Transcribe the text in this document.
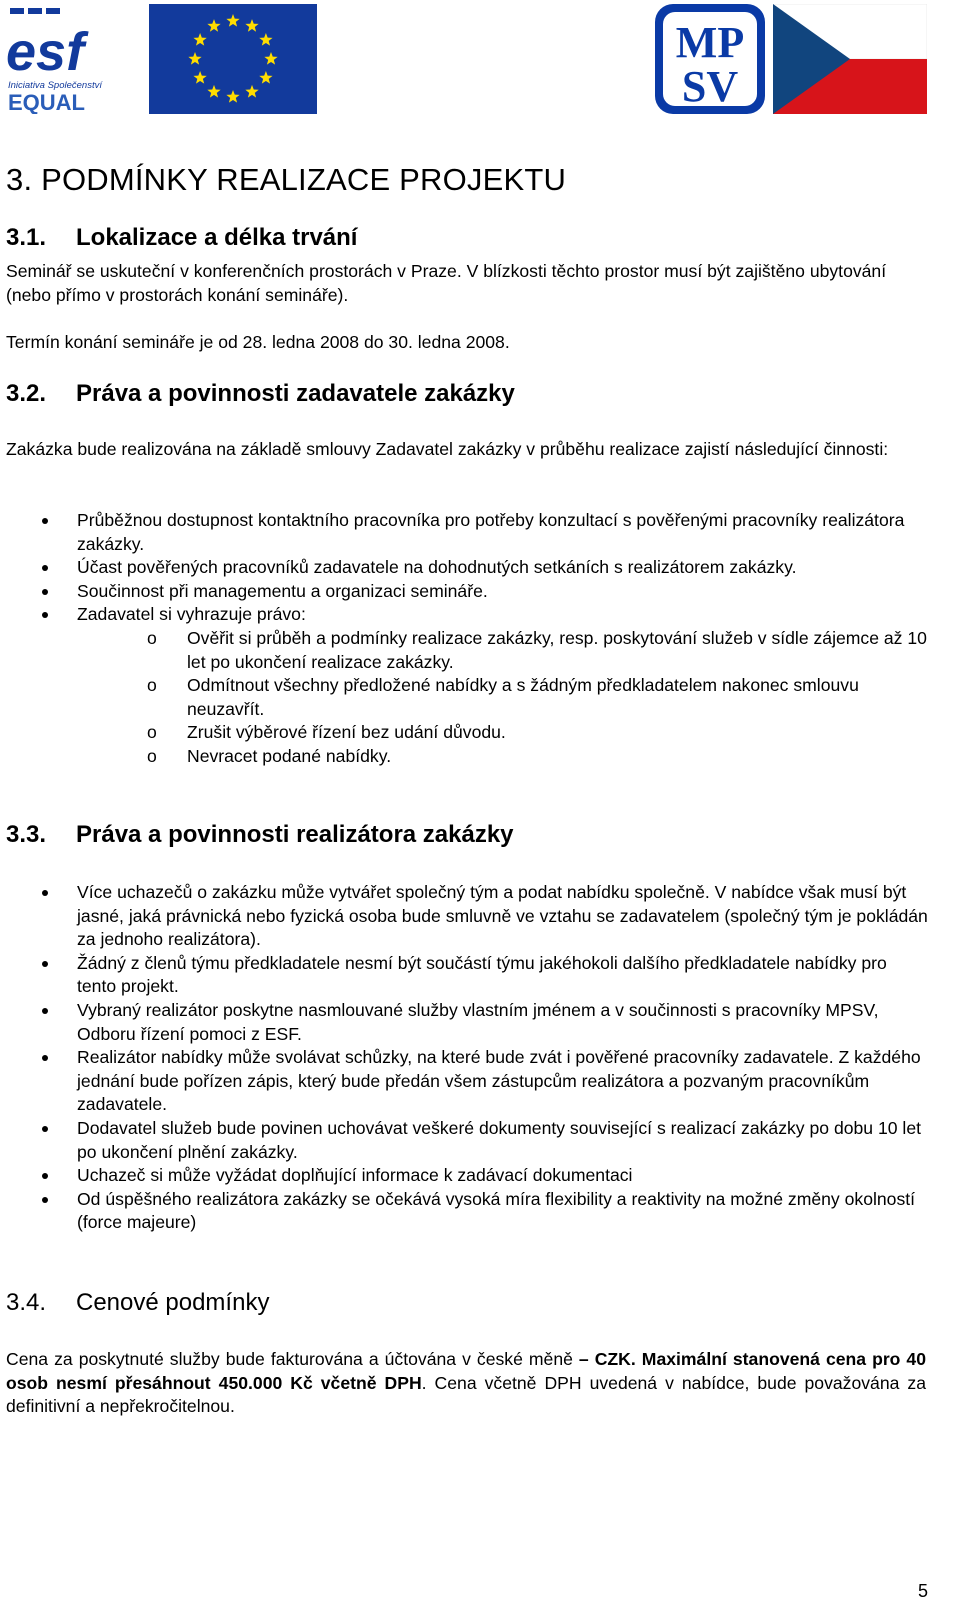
esf
Iniciativa Společenství
EQUAL
MP
SV
3. PODMÍNKY REALIZACE PROJEKTU
3.1. Lokalizace a délka trvání

Seminář se uskuteční v konferenčních prostorách v Praze. V blízkosti těchto prostor musí být zajištěno ubytování (nebo přímo v prostorách konání semináře).

Termín konání semináře je od 28. ledna 2008 do 30. ledna 2008.

3.2. Práva a povinnosti zadavatele zakázky

Zakázka bude realizována na základě smlouvy Zadavatel zakázky v průběhu realizace zajistí následující činnosti:

Průběžnou dostupnost kontaktního pracovníka pro potřeby konzultací s pověřenými pracovníky realizátora zakázky.
Účast pověřených pracovníků zadavatele na dohodnutých setkáních s realizátorem zakázky.
Součinnost při managementu a organizaci semináře.
Zadavatel si vyhrazuje právo:
o Ověřit si průběh a podmínky realizace zakázky, resp. poskytování služeb v sídle zájemce až 10 let po ukončení realizace zakázky.
o Odmítnout všechny předložené nabídky a s žádným předkladatelem nakonec smlouvu neuzavřít.
o Zrušit výběrové řízení bez udání důvodu.
o Nevracet podané nabídky.
3.3. Práva a povinnosti realizátora zakázky
Více uchazečů o zakázku může vytvářet společný tým a podat nabídku společně. V nabídce však musí být jasné, jaká právnická nebo fyzická osoba bude smluvně ve vztahu se zadavatelem (společný tým je pokládán za jednoho realizátora).
Žádný z členů týmu předkladatele nesmí být součástí týmu jakéhokoli dalšího předkladatele nabídky pro tento projekt.
Vybraný realizátor poskytne nasmlouvané služby vlastním jménem a v součinnosti s pracovníky MPSV, Odboru řízení pomoci z ESF.
Realizátor nabídky může svolávat schůzky, na které bude zvát i pověřené pracovníky zadavatele. Z každého jednání bude pořízen zápis, který bude předán všem zástupcům realizátora a pozvaným pracovníkům zadavatele.
Dodavatel služeb bude povinen uchovávat veškeré dokumenty související s realizací zakázky po dobu 10 let po ukončení plnění zakázky.
Uchazeč si může vyžádat doplňující informace k zadávací dokumentaci
Od úspěšného realizátora zakázky se očekává vysoká míra flexibility a reaktivity na možné změny okolností (force majeure)
3.4. Cenové podmínky

Cena za poskytnuté služby bude fakturována a účtována v české měně – CZK. Maximální stanovená cena pro 40 osob nesmí přesáhnout 450.000 Kč včetně DPH. Cena včetně DPH uvedená v nabídce, bude považována za definitivní a nepřekročitelnou.

5
